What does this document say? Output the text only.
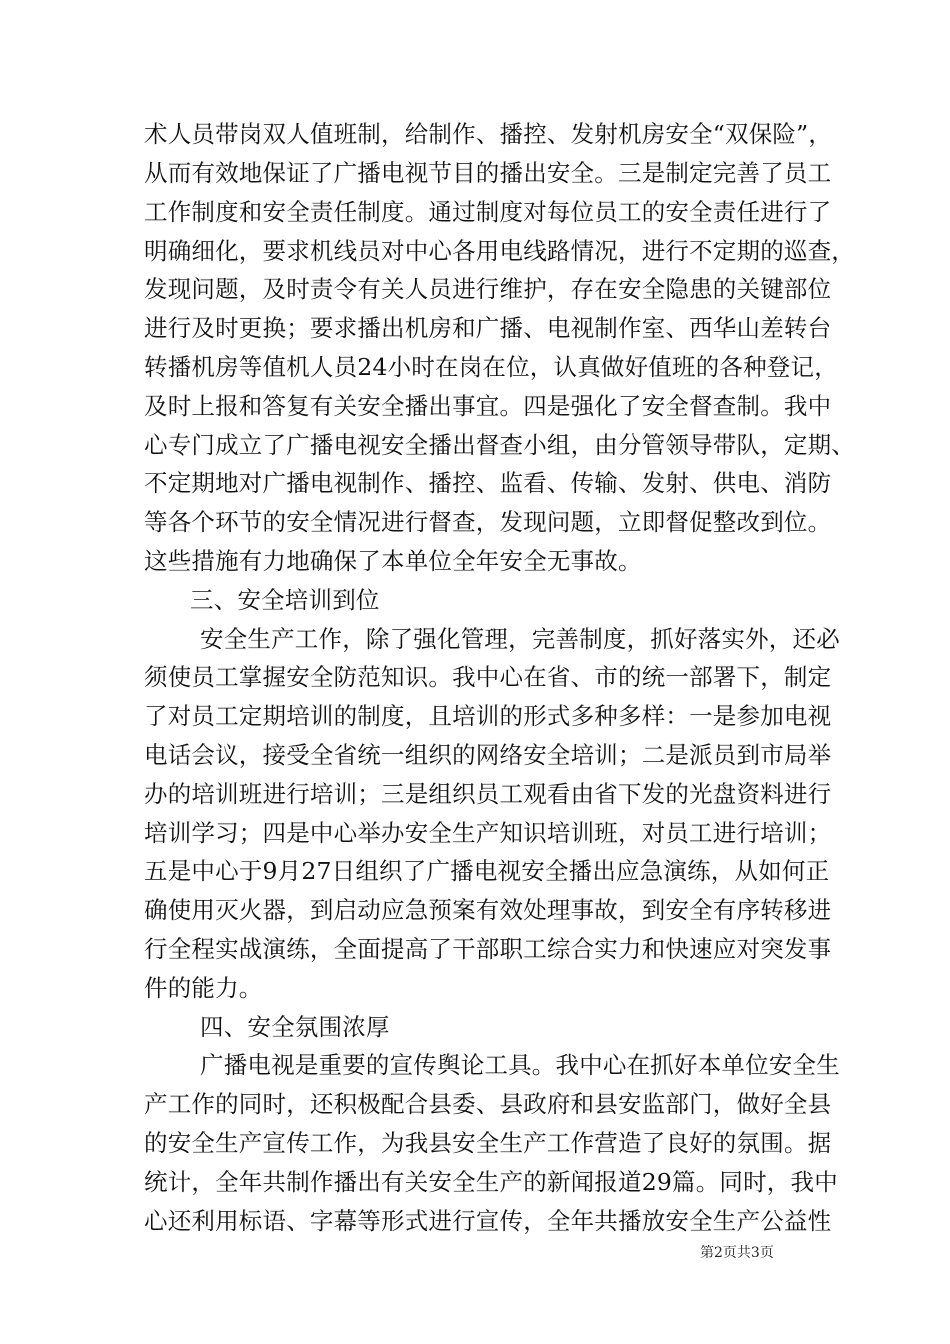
术人员带岗双人值班制，给制作、播控、发射机房安全“双保险”，
从而有效地保证了广播电视节目的播出安全。三是制定完善了员工
工作制度和安全责任制度。通过制度对每位员工的安全责任进行了
明确细化，要求机线员对中心各用电线路情况，进行不定期的巡查，
发现问题，及时责令有关人员进行维护，存在安全隐患的关键部位
进行及时更换；要求播出机房和广播、电视制作室、西华山差转台
转播机房等值机人员24小时在岗在位，认真做好值班的各种登记，
及时上报和答复有关安全播出事宜。四是强化了安全督查制。我中
心专门成立了广播电视安全播出督查小组，由分管领导带队，定期、
不定期地对广播电视制作、播控、监看、传输、发射、供电、消防
等各个环节的安全情况进行督查，发现问题，立即督促整改到位。
这些措施有力地确保了本单位全年安全无事故。
三、安全培训到位
安全生产工作，除了强化管理，完善制度，抓好落实外，还必
须使员工掌握安全防范知识。我中心在省、市的统一部署下，制定
了对员工定期培训的制度，且培训的形式多种多样：一是参加电视
电话会议，接受全省统一组织的网络安全培训；二是派员到市局举
办的培训班进行培训；三是组织员工观看由省下发的光盘资料进行
培训学习；四是中心举办安全生产知识培训班，对员工进行培训；
五是中心于9月27日组织了广播电视安全播出应急演练，从如何正
确使用灭火器，到启动应急预案有效处理事故，到安全有序转移进
行全程实战演练，全面提高了干部职工综合实力和快速应对突发事
件的能力。
四、安全氛围浓厚
广播电视是重要的宣传舆论工具。我中心在抓好本单位安全生
产工作的同时，还积极配合县委、县政府和县安监部门，做好全县
的安全生产宣传工作，为我县安全生产工作营造了良好的氛围。据
统计，全年共制作播出有关安全生产的新闻报道29篇。同时，我中
心还利用标语、字幕等形式进行宣传，全年共播放安全生产公益性
第2页共3页
